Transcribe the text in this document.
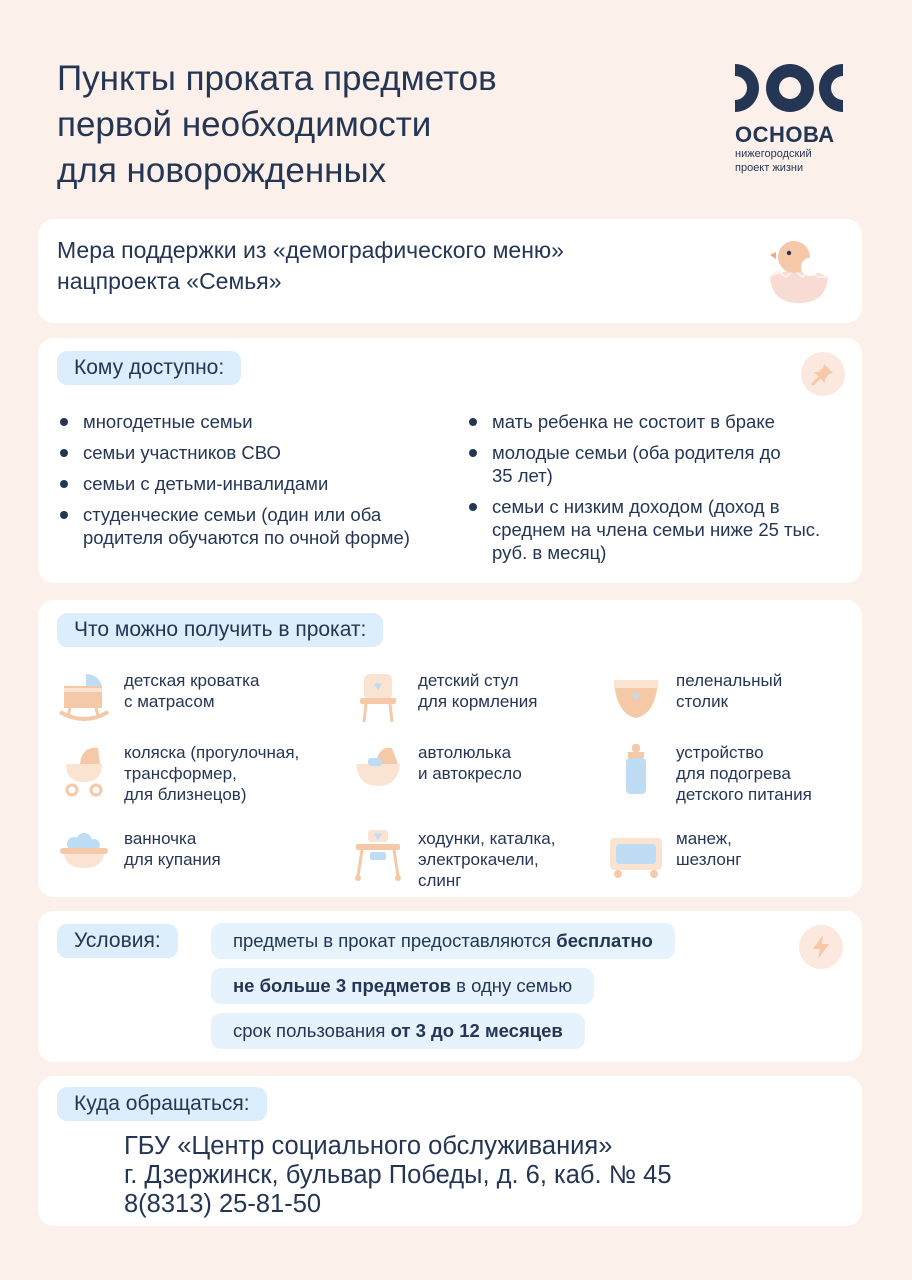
Пункты проката предметов
первой необходимости
для новорожденных
ОСНОВА
нижегородский
проект жизни
Мера поддержки из «демографического меню»
нацпроекта «Семья»
Кому доступно:
многодетные семьи
семьи участников СВО
семьи с детьми-инвалидами
студенческие семьи (один или оба родителя обучаются по очной форме)
мать ребенка не состоит в браке
молодые семьи (оба родителя до 35 лет)
семьи с низким доходом (доход в среднем на члена семьи ниже 25 тыс. руб. в месяц)
Что можно получить в прокат:
детская кроватка
с матрасом
детский стул
для кормления
пеленальный
столик
коляска (прогулочная,
трансформер,
для близнецов)
автолюлька
и автокресло
устройство
для подогрева
детского питания
ванночка
для купания
ходунки, каталка,
электрокачели,
слинг
манеж,
шезлонг
Условия:	предметы в прокат предоставляются бесплатно
не больше 3 предметов в одну семью
срок пользования от 3 до 12 месяцев
Куда обращаться:
ГБУ «Центр социального обслуживания»
г. Дзержинск, бульвар Победы, д. 6, каб. № 45
8(8313) 25-81-50
